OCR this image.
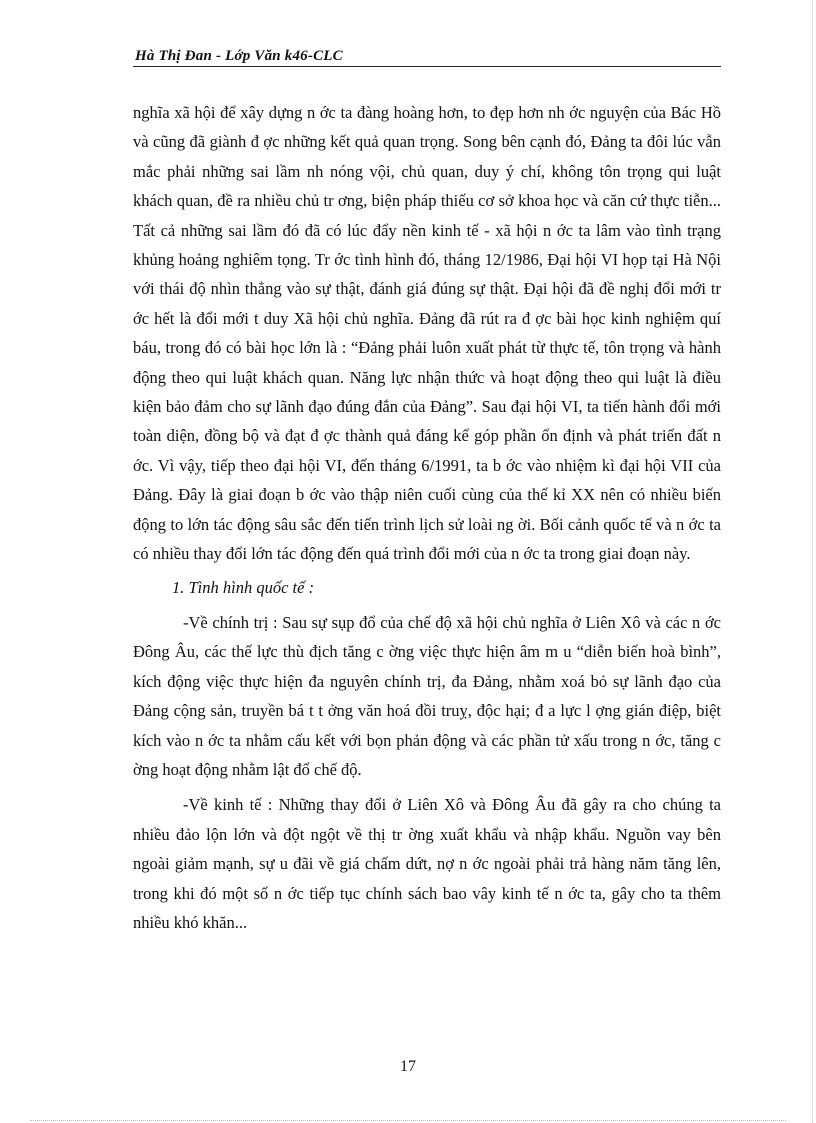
Hà Thị Đan - Lớp Văn k46-CLC

nghĩa xã hội để xây dựng n ớc ta đàng hoàng hơn, to đẹp hơn nh ớc nguyện của Bác Hồ và cũng đã giành đ ợc những kết quả quan trọng. Song bên cạnh đó, Đảng ta đôi lúc vẫn mắc phải những sai lầm nh nóng vội, chủ quan, duy ý chí, không tôn trọng qui luật khách quan, đề ra nhiều chủ tr ơng, biện pháp thiếu cơ sở khoa học và căn cứ thực tiễn... Tất cả những sai lầm đó đã có lúc đẩy nền kinh tế - xã hội n ớc ta lâm vào tình trạng khủng hoảng nghiêm tọng. Tr ớc tình hình đó, tháng 12/1986, Đại hội VI họp tại Hà Nội với thái độ nhìn thẳng vào sự thật, đánh giá đúng sự thật. Đại hội đã đề nghị đổi mới tr ớc hết là đổi mới t duy Xã hội chủ nghĩa. Đảng đã rút ra đ ợc bài học kinh nghiệm quí báu, trong đó có bài học lớn là : “Đảng phải luôn xuất phát từ thực tế, tôn trọng và hành động theo qui luật khách quan. Năng lực nhận thức và hoạt động theo qui luật là điều kiện bảo đảm cho sự lãnh đạo đúng đắn của Đảng”. Sau đại hội VI, ta tiến hành đổi mới toàn diện, đồng bộ và đạt đ ợc thành quả đáng kể góp phần ổn định và phát triển đất n ớc. Vì vậy, tiếp theo đại hội VI, đến tháng 6/1991, ta b ớc vào nhiệm kì đại hội VII của Đảng. Đây là giai đoạn b ớc vào thập niên cuối cùng của thế kỉ XX nên có nhiều biến động to lớn tác động sâu sắc đến tiến trình lịch sử loài ng ời. Bối cảnh quốc tế và n ớc ta có nhiều thay đổi lớn tác động đến quá trình đổi mới của n ớc ta trong giai đoạn này.

1. Tình hình quốc tế :

-Về chính trị : Sau sự sụp đổ của chế độ xã hội chủ nghĩa ở Liên Xô và các n ớc Đông Âu, các thế lực thù địch tăng c ờng việc thực hiện âm m u “diễn biến hoà bình”, kích động việc thực hiện đa nguyên chính trị, đa Đảng, nhằm xoá bỏ sự lãnh đạo của Đảng cộng sản, truyền bá t t ởng văn hoá đồi truỵ, độc hại; đ a lực l ợng gián điệp, biệt kích vào n ớc ta nhằm cấu kết với bọn phản động và các phần tử xấu trong n ớc, tăng c ờng hoạt động nhằm lật đổ chế độ.

-Về kinh tế : Những thay đổi ở Liên Xô và Đông Âu đã gây ra cho chúng ta nhiều đảo lộn lớn và đột ngột về thị tr ờng xuất khẩu và nhập khẩu. Nguồn vay bên ngoài giảm mạnh, sự u đãi về giá chấm dứt, nợ n ớc ngoài phải trả hàng năm tăng lên, trong khi đó một số n ớc tiếp tục chính sách bao vây kinh tế n ớc ta, gây cho ta thêm nhiều khó khăn...

17
